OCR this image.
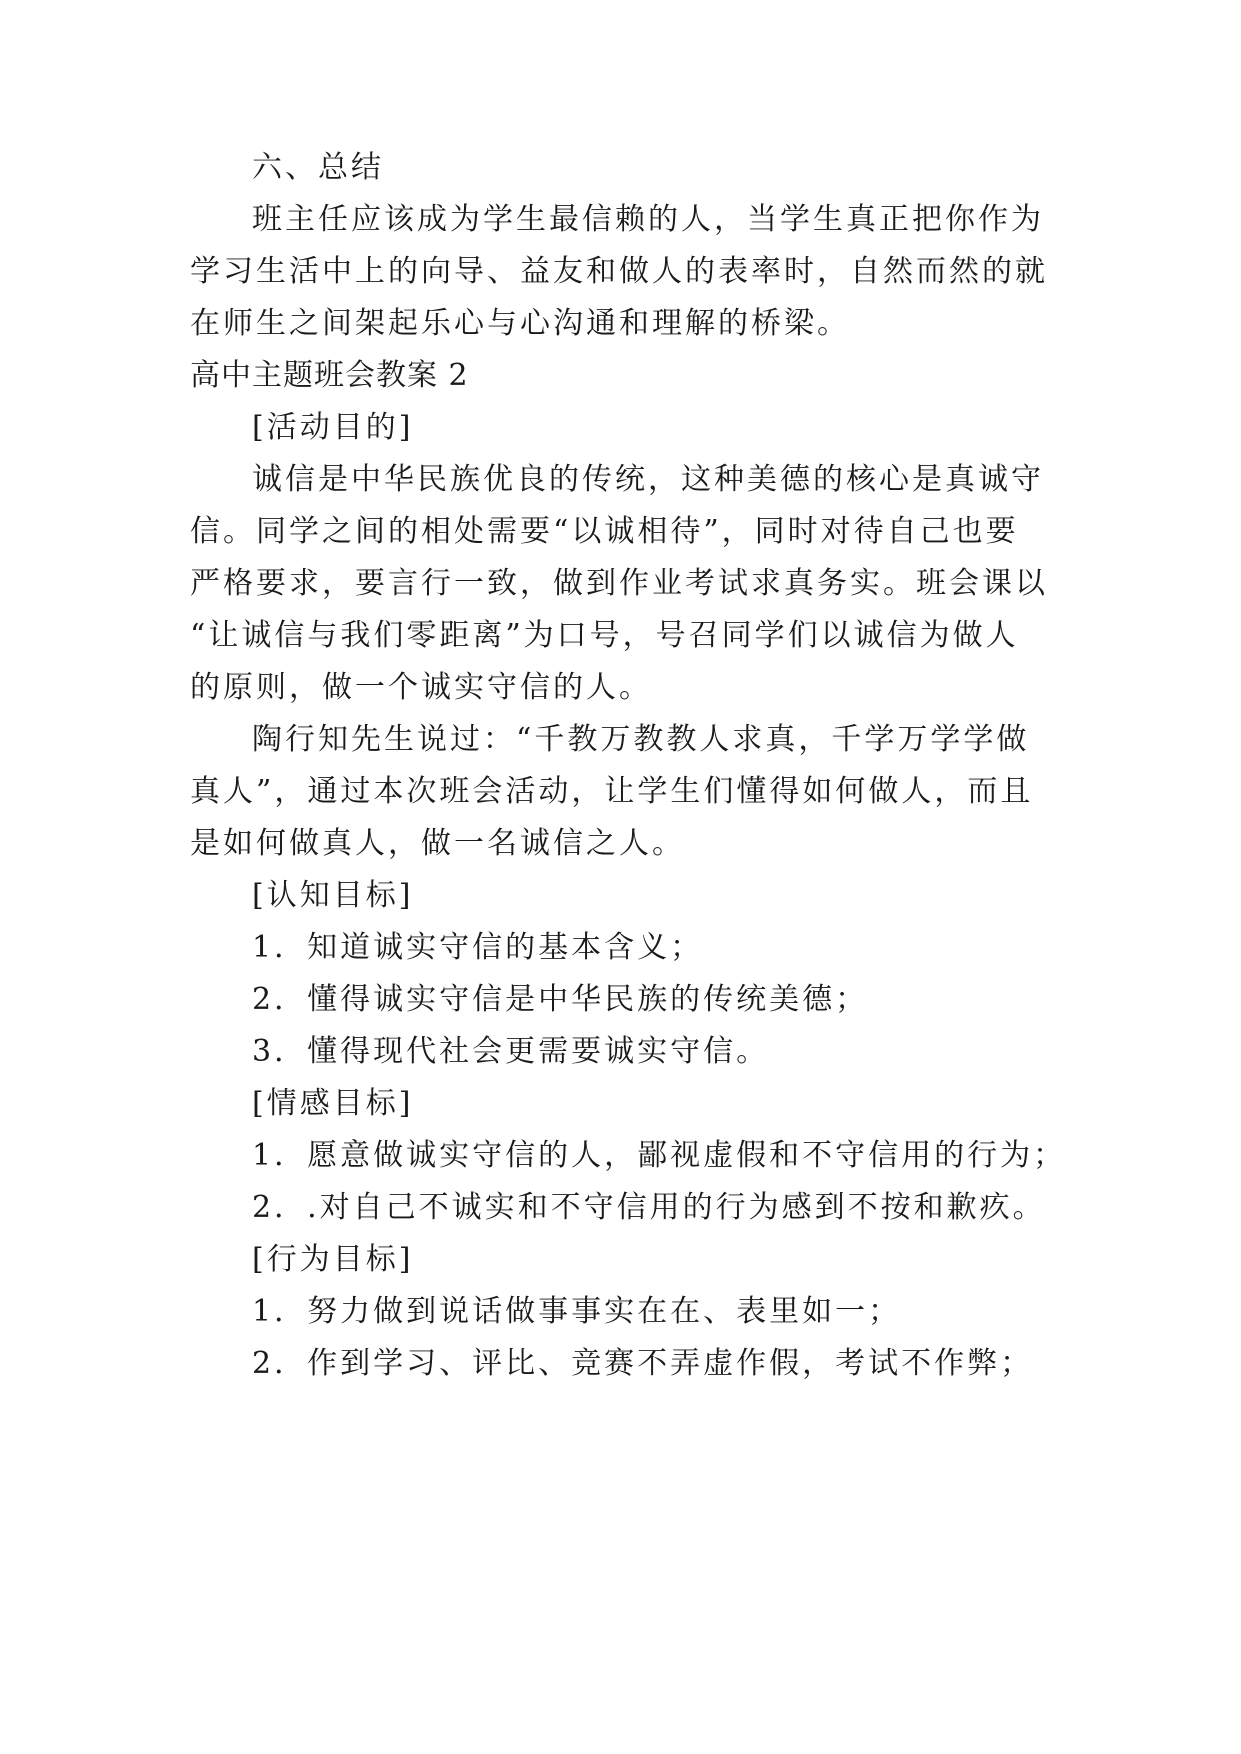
六、总结
班主任应该成为学生最信赖的人，当学生真正把你作为
学习生活中上的向导、益友和做人的表率时，自然而然的就
在师生之间架起乐心与心沟通和理解的桥梁。
高中主题班会教案 2
[活动目的]
诚信是中华民族优良的传统，这种美德的核心是真诚守
信。同学之间的相处需要“以诚相待”，同时对待自己也要
严格要求，要言行一致，做到作业考试求真务实。班会课以
“让诚信与我们零距离”为口号，号召同学们以诚信为做人
的原则，做一个诚实守信的人。
陶行知先生说过：“千教万教教人求真，千学万学学做
真人”，通过本次班会活动，让学生们懂得如何做人，而且
是如何做真人，做一名诚信之人。
[认知目标]
1．知道诚实守信的基本含义；
2．懂得诚实守信是中华民族的传统美德；
3．懂得现代社会更需要诚实守信。
[情感目标]
1．愿意做诚实守信的人，鄙视虚假和不守信用的行为；
2．.对自己不诚实和不守信用的行为感到不按和歉疚。
[行为目标]
1．努力做到说话做事事实在在、表里如一；
2．作到学习、评比、竞赛不弄虚作假，考试不作弊；
